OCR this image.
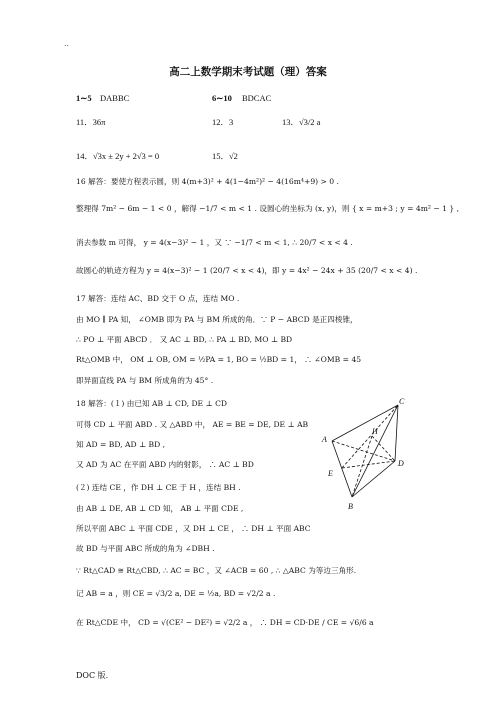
..
高二上数学期末考试题（理）答案
1∼5 DABBC	6∼10 BDCAC
11．36π	12．3	13．√3/2 a
14．√3x ± 2y + 2√3 = 0	15．√2
16 解答：要使方程表示圆，则 4(m+3)² + 4(1−4m²)² − 4(16m⁴+9) > 0 .
整理得 7m² − 6m − 1 < 0 ，解得 −1/7 < m < 1 . 设圆心的坐标为 (x, y)，则 { x = m+3 ; y = 4m² − 1 } ,
消去参数 m 可得， y = 4(x−3)² − 1 ，又 ∵ −1/7 < m < 1, ∴ 20/7 < x < 4 .
故圆心的轨迹方程为 y = 4(x−3)² − 1 (20/7 < x < 4)，即 y = 4x² − 24x + 35 (20/7 < x < 4) .
17 解答：连结 AC、BD 交于 O 点，连结 MO .
由 MO ∥ PA 知， ∠OMB 即为 PA 与 BM 所成的角．∵ P − ABCD 是正四棱锥，
∴ PO ⊥ 平面 ABCD ． 又 AC ⊥ BD, ∴ PA ⊥ BD, MO ⊥ BD
Rt△OMB 中， OM ⊥ OB, OM = ½PA = 1, BO = ½BD = 1， ∴ ∠OMB = 45
即异面直线 PA 与 BM 所成角的为 45° .
18 解答：(１) 由已知 AB ⊥ CD, DE ⊥ CD
可得 CD ⊥ 平面 ABD . 又 △ABD 中， AE = BE = DE, DE ⊥ AB
知 AD = BD, AD ⊥ BD ,
又 AD 为 AC 在平面 ABD 内的射影， ∴ AC ⊥ BD
(２) 连结 CE ，作 DH ⊥ CE 于 H ，连结 BH .
由 AB ⊥ DE, AB ⊥ CD 知， AB ⊥ 平面 CDE ,
所以平面 ABC ⊥ 平面 CDE ，又 DH ⊥ CE ， ∴ DH ⊥ 平面 ABC
故 BD 与平面 ABC 所成的角为 ∠DBH .
∵ Rt△CAD ≅ Rt△CBD, ∴ AC = BC ，又 ∠ACB = 60 , ∴ △ABC 为等边三角形.
记 AB = a ，则 CE = √3/2 a, DE = ½a, BD = √2/2 a .
在 Rt△CDE 中， CD = √(CE² − DE²) = √2/2 a ， ∴ DH = CD·DE / CE = √6/6 a
C
A
H
E
D
B
DOC 版.
